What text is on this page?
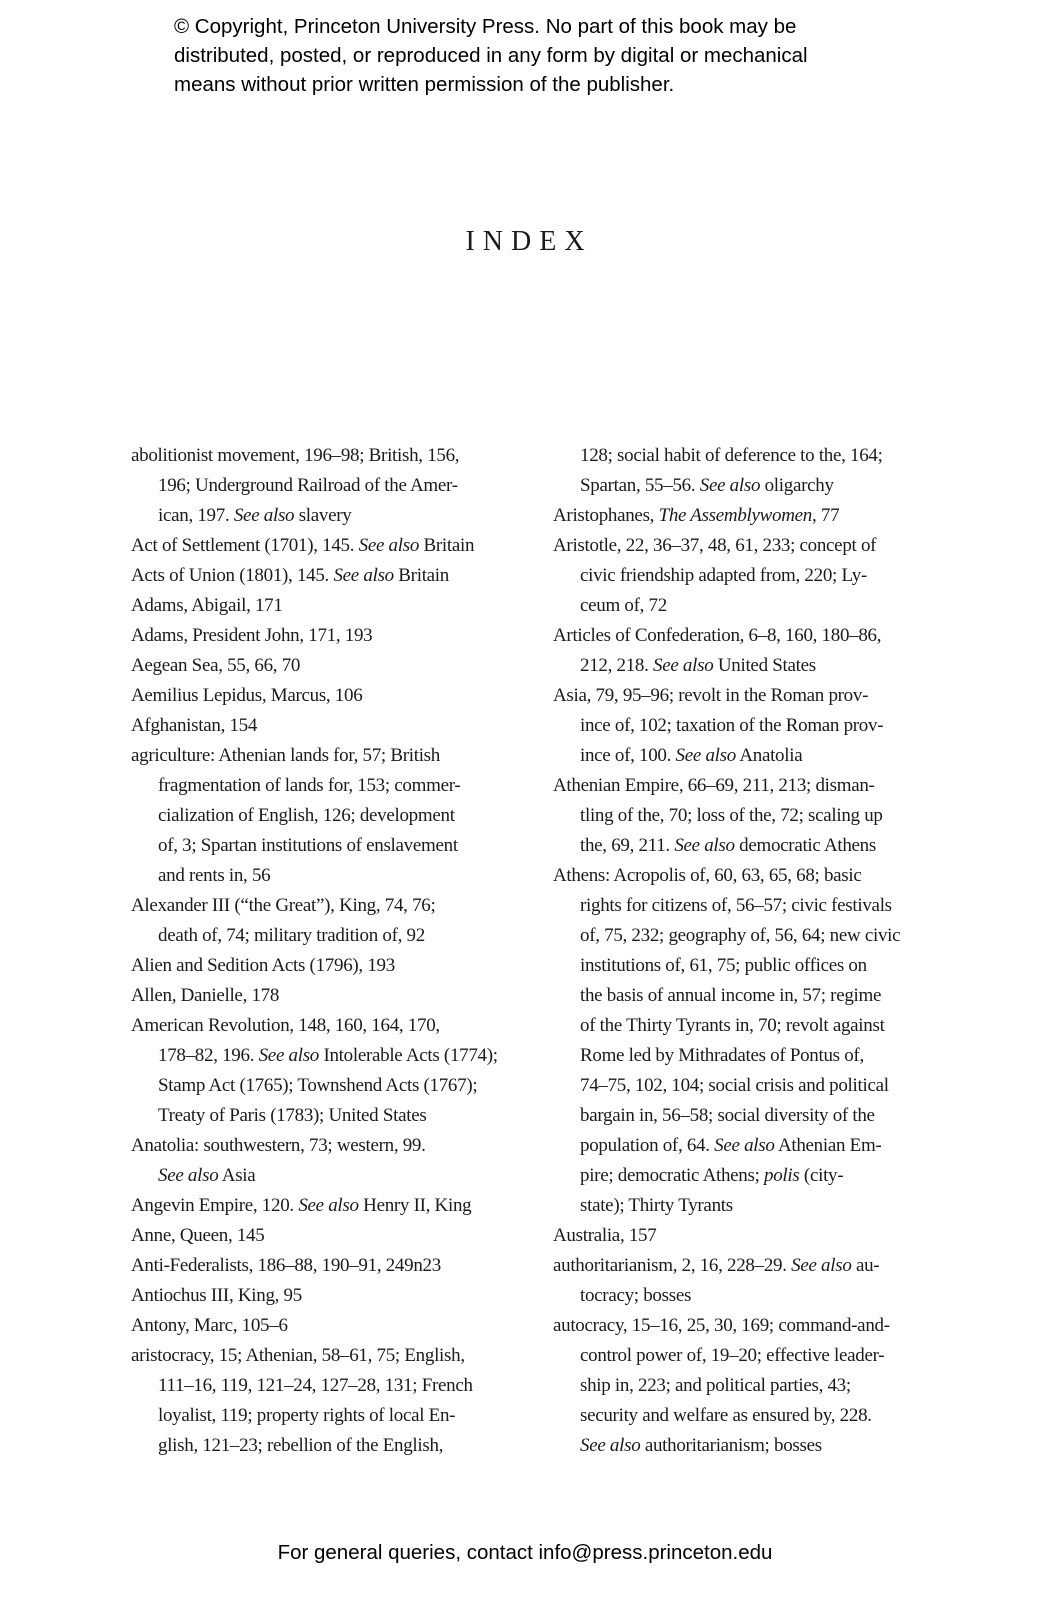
© Copyright, Princeton University Press. No part of this book may be
distributed, posted, or reproduced in any form by digital or mechanical
means without prior written permission of the publisher.
INDEX
abolitionist movement, 196–98; British, 156,
196; Underground Railroad of the Amer-
ican, 197. See also slavery
Act of Settlement (1701), 145. See also Britain
Acts of Union (1801), 145. See also Britain
Adams, Abigail, 171
Adams, President John, 171, 193
Aegean Sea, 55, 66, 70
Aemilius Lepidus, Marcus, 106
Afghanistan, 154
agriculture: Athenian lands for, 57; British
fragmentation of lands for, 153; commer-
cialization of English, 126; development
of, 3; Spartan institutions of enslavement
and rents in, 56
Alexander III (“the Great”), King, 74, 76;
death of, 74; military tradition of, 92
Alien and Sedition Acts (1796), 193
Allen, Danielle, 178
American Revolution, 148, 160, 164, 170,
178–82, 196. See also Intolerable Acts (1774);
Stamp Act (1765); Townshend Acts (1767);
Treaty of Paris (1783); United States
Anatolia: southwestern, 73; western, 99.
See also Asia
Angevin Empire, 120. See also Henry II, King
Anne, Queen, 145
Anti-Federalists, 186–88, 190–91, 249n23
Antiochus III, King, 95
Antony, Marc, 105–6
aristocracy, 15; Athenian, 58–61, 75; English,
111–16, 119, 121–24, 127–28, 131; French
loyalist, 119; property rights of local En-
glish, 121–23; rebellion of the English,
128; social habit of deference to the, 164;
Spartan, 55–56. See also oligarchy
Aristophanes, The Assemblywomen, 77
Aristotle, 22, 36–37, 48, 61, 233; concept of
civic friendship adapted from, 220; Ly-
ceum of, 72
Articles of Confederation, 6–8, 160, 180–86,
212, 218. See also United States
Asia, 79, 95–96; revolt in the Roman prov-
ince of, 102; taxation of the Roman prov-
ince of, 100. See also Anatolia
Athenian Empire, 66–69, 211, 213; disman-
tling of the, 70; loss of the, 72; scaling up
the, 69, 211. See also democratic Athens
Athens: Acropolis of, 60, 63, 65, 68; basic
rights for citizens of, 56–57; civic festivals
of, 75, 232; geography of, 56, 64; new civic
institutions of, 61, 75; public offices on
the basis of annual income in, 57; regime
of the Thirty Tyrants in, 70; revolt against
Rome led by Mithradates of Pontus of,
74–75, 102, 104; social crisis and political
bargain in, 56–58; social diversity of the
population of, 64. See also Athenian Em-
pire; democratic Athens; polis (city-
state); Thirty Tyrants
Australia, 157
authoritarianism, 2, 16, 228–29. See also au-
tocracy; bosses
autocracy, 15–16, 25, 30, 169; command-and-
control power of, 19–20; effective leader-
ship in, 223; and political parties, 43;
security and welfare as ensured by, 228.
See also authoritarianism; bosses
For general queries, contact info@press.princeton.edu
